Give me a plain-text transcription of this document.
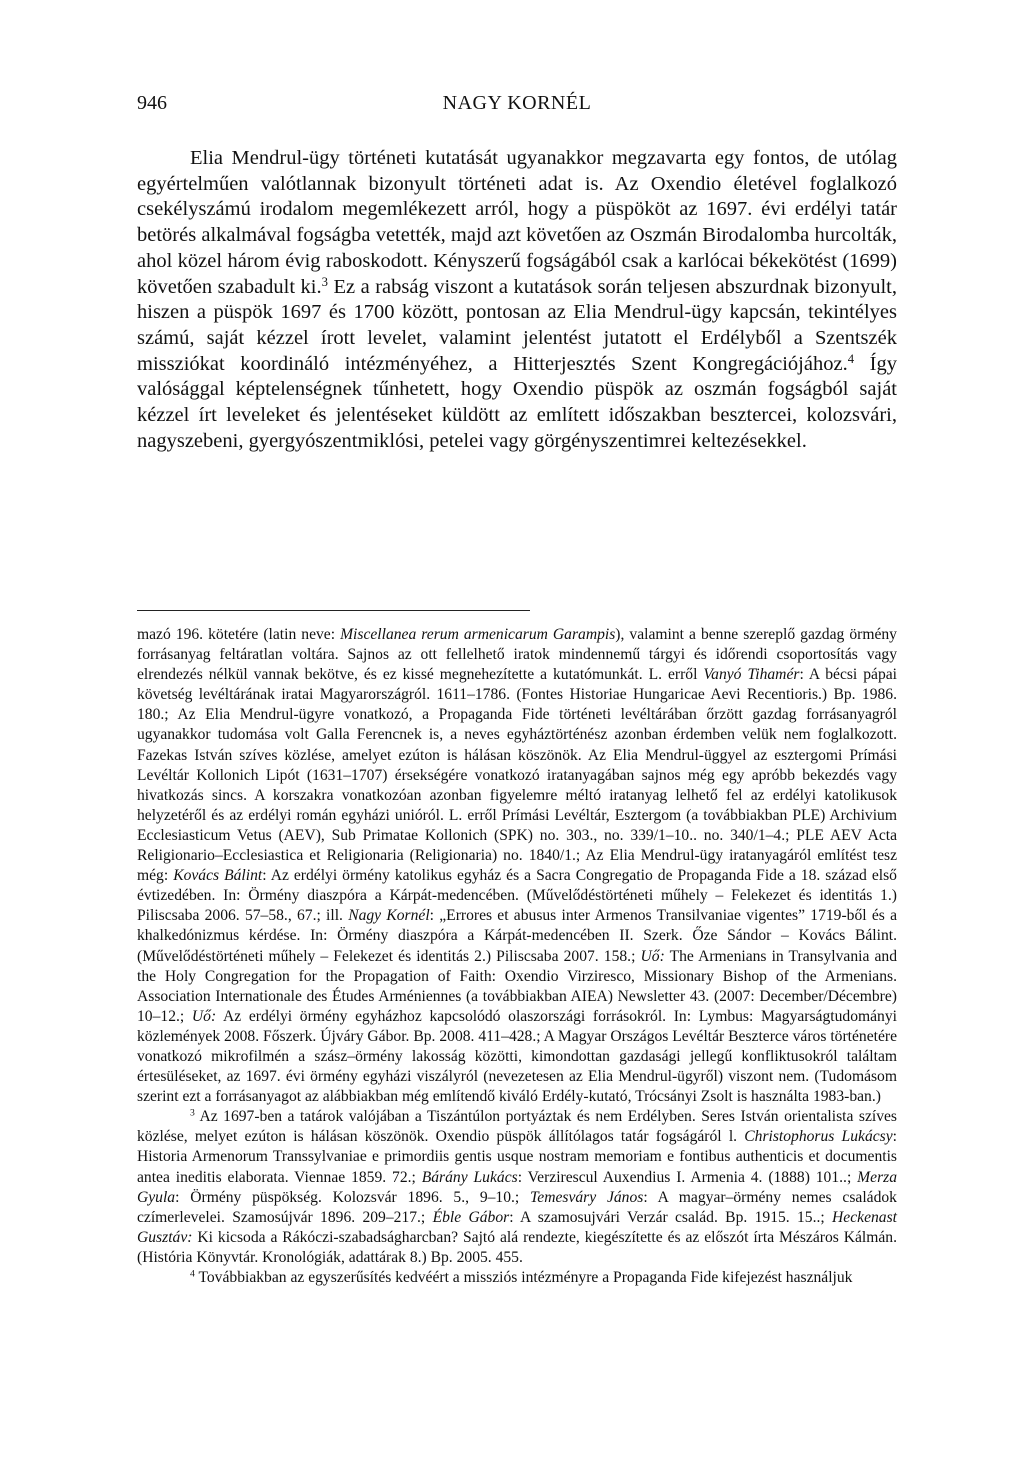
946	NAGY KORNÉL

Elia Mendrul-ügy történeti kutatását ugyanakkor megzavarta egy fontos, de utólag egyértelműen valótlannak bizonyult történeti adat is. Az Oxendio életével foglalkozó csekélyszámú irodalom megemlékezett arról, hogy a püspököt az 1697. évi erdélyi tatár betörés alkalmával fogságba vetették, majd azt követően az Oszmán Birodalomba hurcolták, ahol közel három évig raboskodott. Kényszerű fogságából csak a karlócai békekötést (1699) követően szabadult ki.$^3$ Ez a rabság viszont a kutatások során teljesen abszurdnak bizonyult, hiszen a püspök 1697 és 1700 között, pontosan az Elia Mendrul-ügy kapcsán, tekintélyes számú, saját kézzel írott levelet, valamint jelentést jutatott el Erdélyből a Szentszék missziókat koordináló intézményéhez, a Hitterjesztés Szent Kongregációjához.$^4$ Így valósággal képtelenségnek tűnhetett, hogy Oxendio püspök az oszmán fogságból saját kézzel írt leveleket és jelentéseket küldött az említett időszakban besztercei, kolozsvári, nagyszebeni, gyergyószentmiklósi, petelei vagy görgényszentimrei keltezésekkel.

mazó 196. kötetére (latin neve: Miscellanea rerum armenicarum Garampis), valamint a benne szereplő gazdag örmény forrásanyag feltáratlan voltára. Sajnos az ott fellelhető iratok mindennemű tárgyi és időrendi csoportosítás vagy elrendezés nélkül vannak bekötve, és ez kissé megnehezítette a kutatómunkát. L. erről Vanyó Tihamér: A bécsi pápai követség levéltárának iratai Magyarországról. 1611–1786. (Fontes Historiae Hungaricae Aevi Recentioris.) Bp. 1986. 180.; Az Elia Mendrul-ügyre vonatkozó, a Propaganda Fide történeti levéltárában őrzött gazdag forrásanyagról ugyanakkor tudomása volt Galla Ferencnek is, a neves egyháztörténész azonban érdemben velük nem foglalkozott. Fazekas István szíves közlése, amelyet ezúton is hálásan köszönök. Az Elia Mendrul-üggyel az esztergomi Prímási Levéltár Kollonich Lipót (1631–1707) érsekségére vonatkozó iratanyagában sajnos még egy apróbb bekezdés vagy hivatkozás sincs. A korszakra vonatkozóan azonban figyelemre méltó iratanyag lelhető fel az erdélyi katolikusok helyzetéről és az erdélyi román egyházi unióról. L. erről Prímási Levéltár, Esztergom (a továbbiakban PLE) Archivium Ecclesiasticum Vetus (AEV), Sub Primatae Kollonich (SPK) no. 303., no. 339/1–10.. no. 340/1–4.; PLE AEV Acta Religionario–Ecclesiastica et Religionaria (Religionaria) no. 1840/1.; Az Elia Mendrul-ügy iratanyagáról említést tesz még: Kovács Bálint: Az erdélyi örmény katolikus egyház és a Sacra Congregatio de Propaganda Fide a 18. század első évtizedében. In: Örmény diaszpóra a Kárpát-medencében. (Művelődéstörténeti műhely – Felekezet és identitás 1.) Piliscsaba 2006. 57–58., 67.; ill. Nagy Kornél: „Errores et abusus inter Armenos Transilvaniae vigentes” 1719-ből és a khalkedónizmus kérdése. In: Örmény diaszpóra a Kárpát-medencében II. Szerk. Őze Sándor – Kovács Bálint. (Művelődéstörténeti műhely – Felekezet és identitás 2.) Piliscsaba 2007. 158.; Uő: The Armenians in Transylvania and the Holy Congregation for the Propagation of Faith: Oxendio Virziresco, Missionary Bishop of the Armenians. Association Internationale des Études Arméniennes (a továbbiakban AIEA) Newsletter 43. (2007: December/Décembre) 10–12.; Uő: Az erdélyi örmény egyházhoz kapcsolódó olaszországi forrásokról. In: Lymbus: Magyarságtudományi közlemények 2008. Főszerk. Újváry Gábor. Bp. 2008. 411–428.; A Magyar Országos Levéltár Beszterce város történetére vonatkozó mikrofilmén a szász–örmény lakosság közötti, kimondottan gazdasági jellegű konfliktusokról találtam értesüléseket, az 1697. évi örmény egyházi viszályról (nevezetesen az Elia Mendrul-ügyről) viszont nem. (Tudomásom szerint ezt a forrásanyagot az alábbiakban még említendő kiváló Erdély-kutató, Trócsányi Zsolt is használta 1983-ban.)

$^3$ Az 1697-ben a tatárok valójában a Tiszántúlon portyáztak és nem Erdélyben. Seres István orientalista szíves közlése, melyet ezúton is hálásan köszönök. Oxendio püspök állítólagos tatár fogságáról l. Christophorus Lukácsy: Historia Armenorum Transsylvaniae e primordiis gentis usque nostram memoriam e fontibus authenticis et documentis antea ineditis elaborata. Viennae 1859. 72.; Bárány Lukács: Verzirescul Auxendius I. Armenia 4. (1888) 101..; Merza Gyula: Örmény püspökség. Kolozsvár 1896. 5., 9–10.; Temesváry János: A magyar–örmény nemes családok czímerlevelei. Szamosújvár 1896. 209–217.; Éble Gábor: A szamosujvári Verzár család. Bp. 1915. 15..; Heckenast Gusztáv: Ki kicsoda a Rákóczi-szabadságharcban? Sajtó alá rendezte, kiegészítette és az előszót írta Mészáros Kálmán. (História Könyvtár. Kronológiák, adattárak 8.) Bp. 2005. 455.

$^4$ Továbbiakban az egyszerűsítés kedvéért a missziós intézményre a Propaganda Fide kifejezést használjuk
